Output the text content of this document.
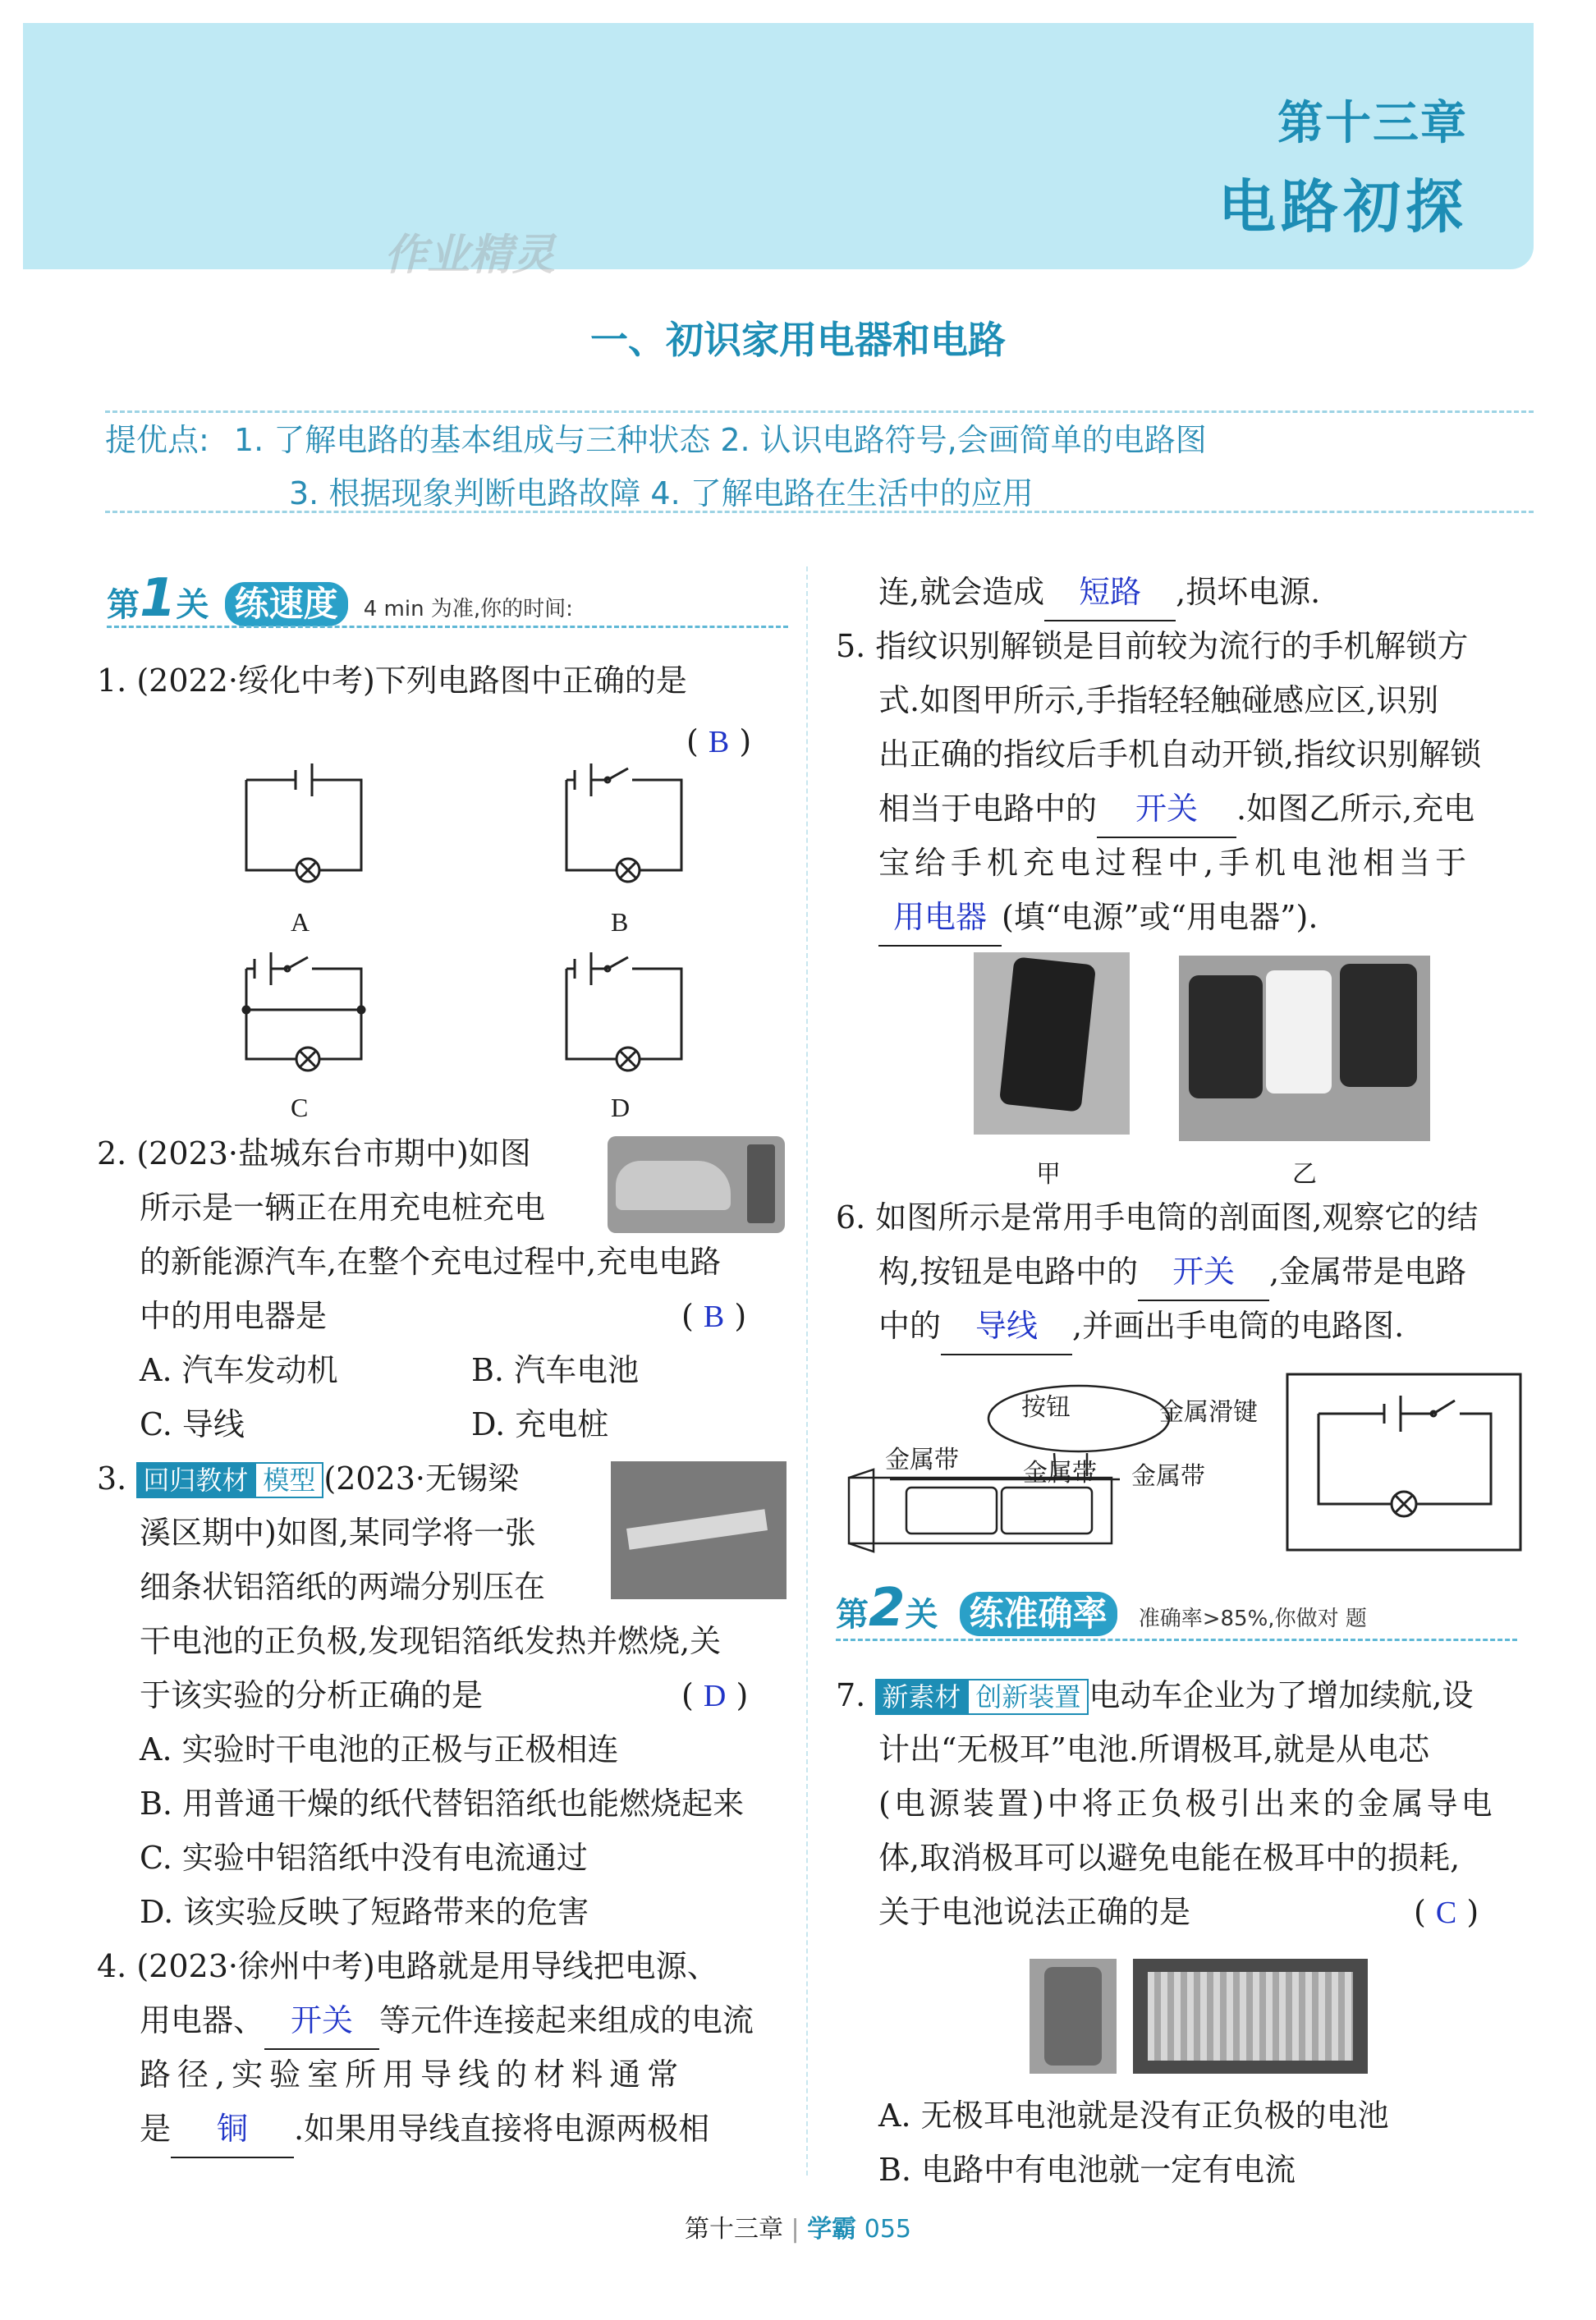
作业精灵
第十三章
电路初探
一、初识家用电器和电路
提优点: 1. 了解电路的基本组成与三种状态 2. 认识电路符号,会画简单的电路图
3. 根据现象判断电路故障 4. 了解电路在生活中的应用
第1关 练速度 4 min 为准,你的时间:
1. (2022·绥化中考)下列电路图中正确的是
( B )
A	B
C	D
2. (2023·盐城东台市期中)如图
所示是一辆正在用充电桩充电
的新能源汽车,在整个充电过程中,充电电路
中的用电器是	( B )
A. 汽车发动机	B. 汽车电池
C. 导线	D. 充电桩
3. 回归教材 模型 (2023·无锡梁
溪区期中)如图,某同学将一张
细条状铝箔纸的两端分别压在
干电池的正负极,发现铝箔纸发热并燃烧,关
于该实验的分析正确的是	( D )
A. 实验时干电池的正极与正极相连
B. 用普通干燥的纸代替铝箔纸也能燃烧起来
C. 实验中铝箔纸中没有电流通过
D. 该实验反映了短路带来的危害
4. (2023·徐州中考)电路就是用导线把电源、
用电器、 开关 等元件连接起来组成的电流
路径,实验室所用导线的材料通常
是 铜 .如果用导线直接将电源两极相
连,就会造成 短路 ,损坏电源.
5. 指纹识别解锁是目前较为流行的手机解锁方
式.如图甲所示,手指轻轻触碰感应区,识别
出正确的指纹后手机自动开锁,指纹识别解锁
相当于电路中的 开关 .如图乙所示,充电
宝给手机充电过程中,手机电池相当于
用电器 (填“电源”或“用电器”).
甲	乙
6. 如图所示是常用手电筒的剖面图,观察它的结
构,按钮是电路中的 开关 ,金属带是电路
中的 导线 ,并画出手电筒的电路图.
按钮	金属滑键
金属带	金属带 金属带
第2关 练准确率 准确率>85%,你做对 题
7. 新素材 创新装置 电动车企业为了增加续航,设
计出“无极耳”电池.所谓极耳,就是从电芯
(电源装置)中将正负极引出来的金属导电
体,取消极耳可以避免电能在极耳中的损耗,
关于电池说法正确的是	( C )
A. 无极耳电池就是没有正负极的电池
B. 电路中有电池就一定有电流
第十三章 | 学霸 055
